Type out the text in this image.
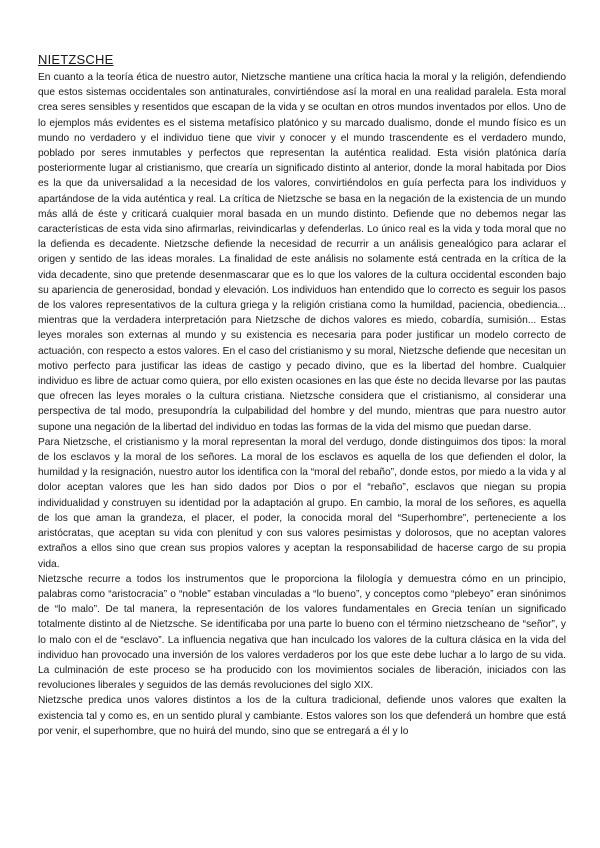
NIETZSCHE

En cuanto a la teoría ética de nuestro autor, Nietzsche mantiene una crítica hacia la moral y la religión, defendiendo que estos sistemas occidentales son antinaturales, convirtiéndose así la moral en una realidad paralela. Esta moral crea seres sensibles y resentidos que escapan de la vida y se ocultan en otros mundos inventados por ellos. Uno de lo ejemplos más evidentes es el sistema metafísico platónico y su marcado dualismo, donde el mundo físico es un mundo no verdadero y el individuo tiene que vivir y conocer y el mundo trascendente es el verdadero mundo, poblado por seres inmutables y perfectos que representan la auténtica realidad. Esta visión platónica daría posteriormente lugar al cristianismo, que crearía un significado distinto al anterior, donde la moral habitada por Dios es la que da universalidad a la necesidad de los valores, convirtiéndolos en guía perfecta para los individuos y apartándose de la vida auténtica y real. La crítica de Nietzsche se basa en la negación de la existencia de un mundo más allá de éste y criticará cualquier moral basada en un mundo distinto. Defiende que no debemos negar las características de esta vida sino afirmarlas, reivindicarlas y defenderlas. Lo único real es la vida y toda moral que no la defienda es decadente. Nietzsche defiende la necesidad de recurrir a un análisis genealógico para aclarar el origen y sentido de las ideas morales. La finalidad de este análisis no solamente está centrada en la crítica de la vida decadente, sino que pretende desenmascarar que es lo que los valores de la cultura occidental esconden bajo su apariencia de generosidad, bondad y elevación. Los individuos han entendido que lo correcto es seguir los pasos de los valores representativos de la cultura griega y la religión cristiana como la humildad, paciencia, obediencia... mientras que la verdadera interpretación para Nietzsche de dichos valores es miedo, cobardía, sumisión... Estas leyes morales son externas al mundo y su existencia es necesaria para poder justificar un modelo correcto de actuación, con respecto a estos valores. En el caso del cristianismo y su moral, Nietzsche defiende que necesitan un motivo perfecto para justificar las ideas de castigo y pecado divino, que es la libertad del hombre. Cualquier individuo es libre de actuar como quiera, por ello existen ocasiones en las que éste no decida llevarse por las pautas que ofrecen las leyes morales o la cultura cristiana. Nietzsche considera que el cristianismo, al considerar una perspectiva de tal modo, presupondría la culpabilidad del hombre y del mundo, mientras que para nuestro autor supone una negación de la libertad del individuo en todas las formas de la vida del mismo que puedan darse.

Para Nietzsche, el cristianismo y la moral representan la moral del verdugo, donde distinguimos dos tipos: la moral de los esclavos y la moral de los señores. La moral de los esclavos es aquella de los que defienden el dolor, la humildad y la resignación, nuestro autor los identifica con la “moral del rebaño”, donde estos, por miedo a la vida y al dolor aceptan valores que les han sido dados por Dios o por el “rebaño”, esclavos que niegan su propia individualidad y construyen su identidad por la adaptación al grupo. En cambio, la moral de los señores, es aquella de los que aman la grandeza, el placer, el poder, la conocida moral del “Superhombre”, perteneciente a los aristócratas, que aceptan su vida con plenitud y con sus valores pesimistas y dolorosos, que no aceptan valores extraños a ellos sino que crean sus propios valores y aceptan la responsabilidad de hacerse cargo de su propia vida.

Nietzsche recurre a todos los instrumentos que le proporciona la filología y demuestra cómo en un principio, palabras como “aristocracia” o “noble” estaban vinculadas a “lo bueno”, y conceptos como “plebeyo” eran sinónimos de “lo malo”. De tal manera, la representación de los valores fundamentales en Grecia tenían un significado totalmente distinto al de Nietzsche. Se identificaba por una parte lo bueno con el término nietzscheano de “señor”, y lo malo con el de “esclavo”. La influencia negativa que han inculcado los valores de la cultura clásica en la vida del individuo han provocado una inversión de los valores verdaderos por los que este debe luchar a lo largo de su vida. La culminación de este proceso se ha producido con los movimientos sociales de liberación, iniciados con las revoluciones liberales y seguidos de las demás revoluciones del siglo XIX.

Nietzsche predica unos valores distintos a los de la cultura tradicional, defiende unos valores que exalten la existencia tal y como es, en un sentido plural y cambiante. Estos valores son los que defenderá un hombre que está por venir, el superhombre, que no huirá del mundo, sino que se entregará a él y lo
